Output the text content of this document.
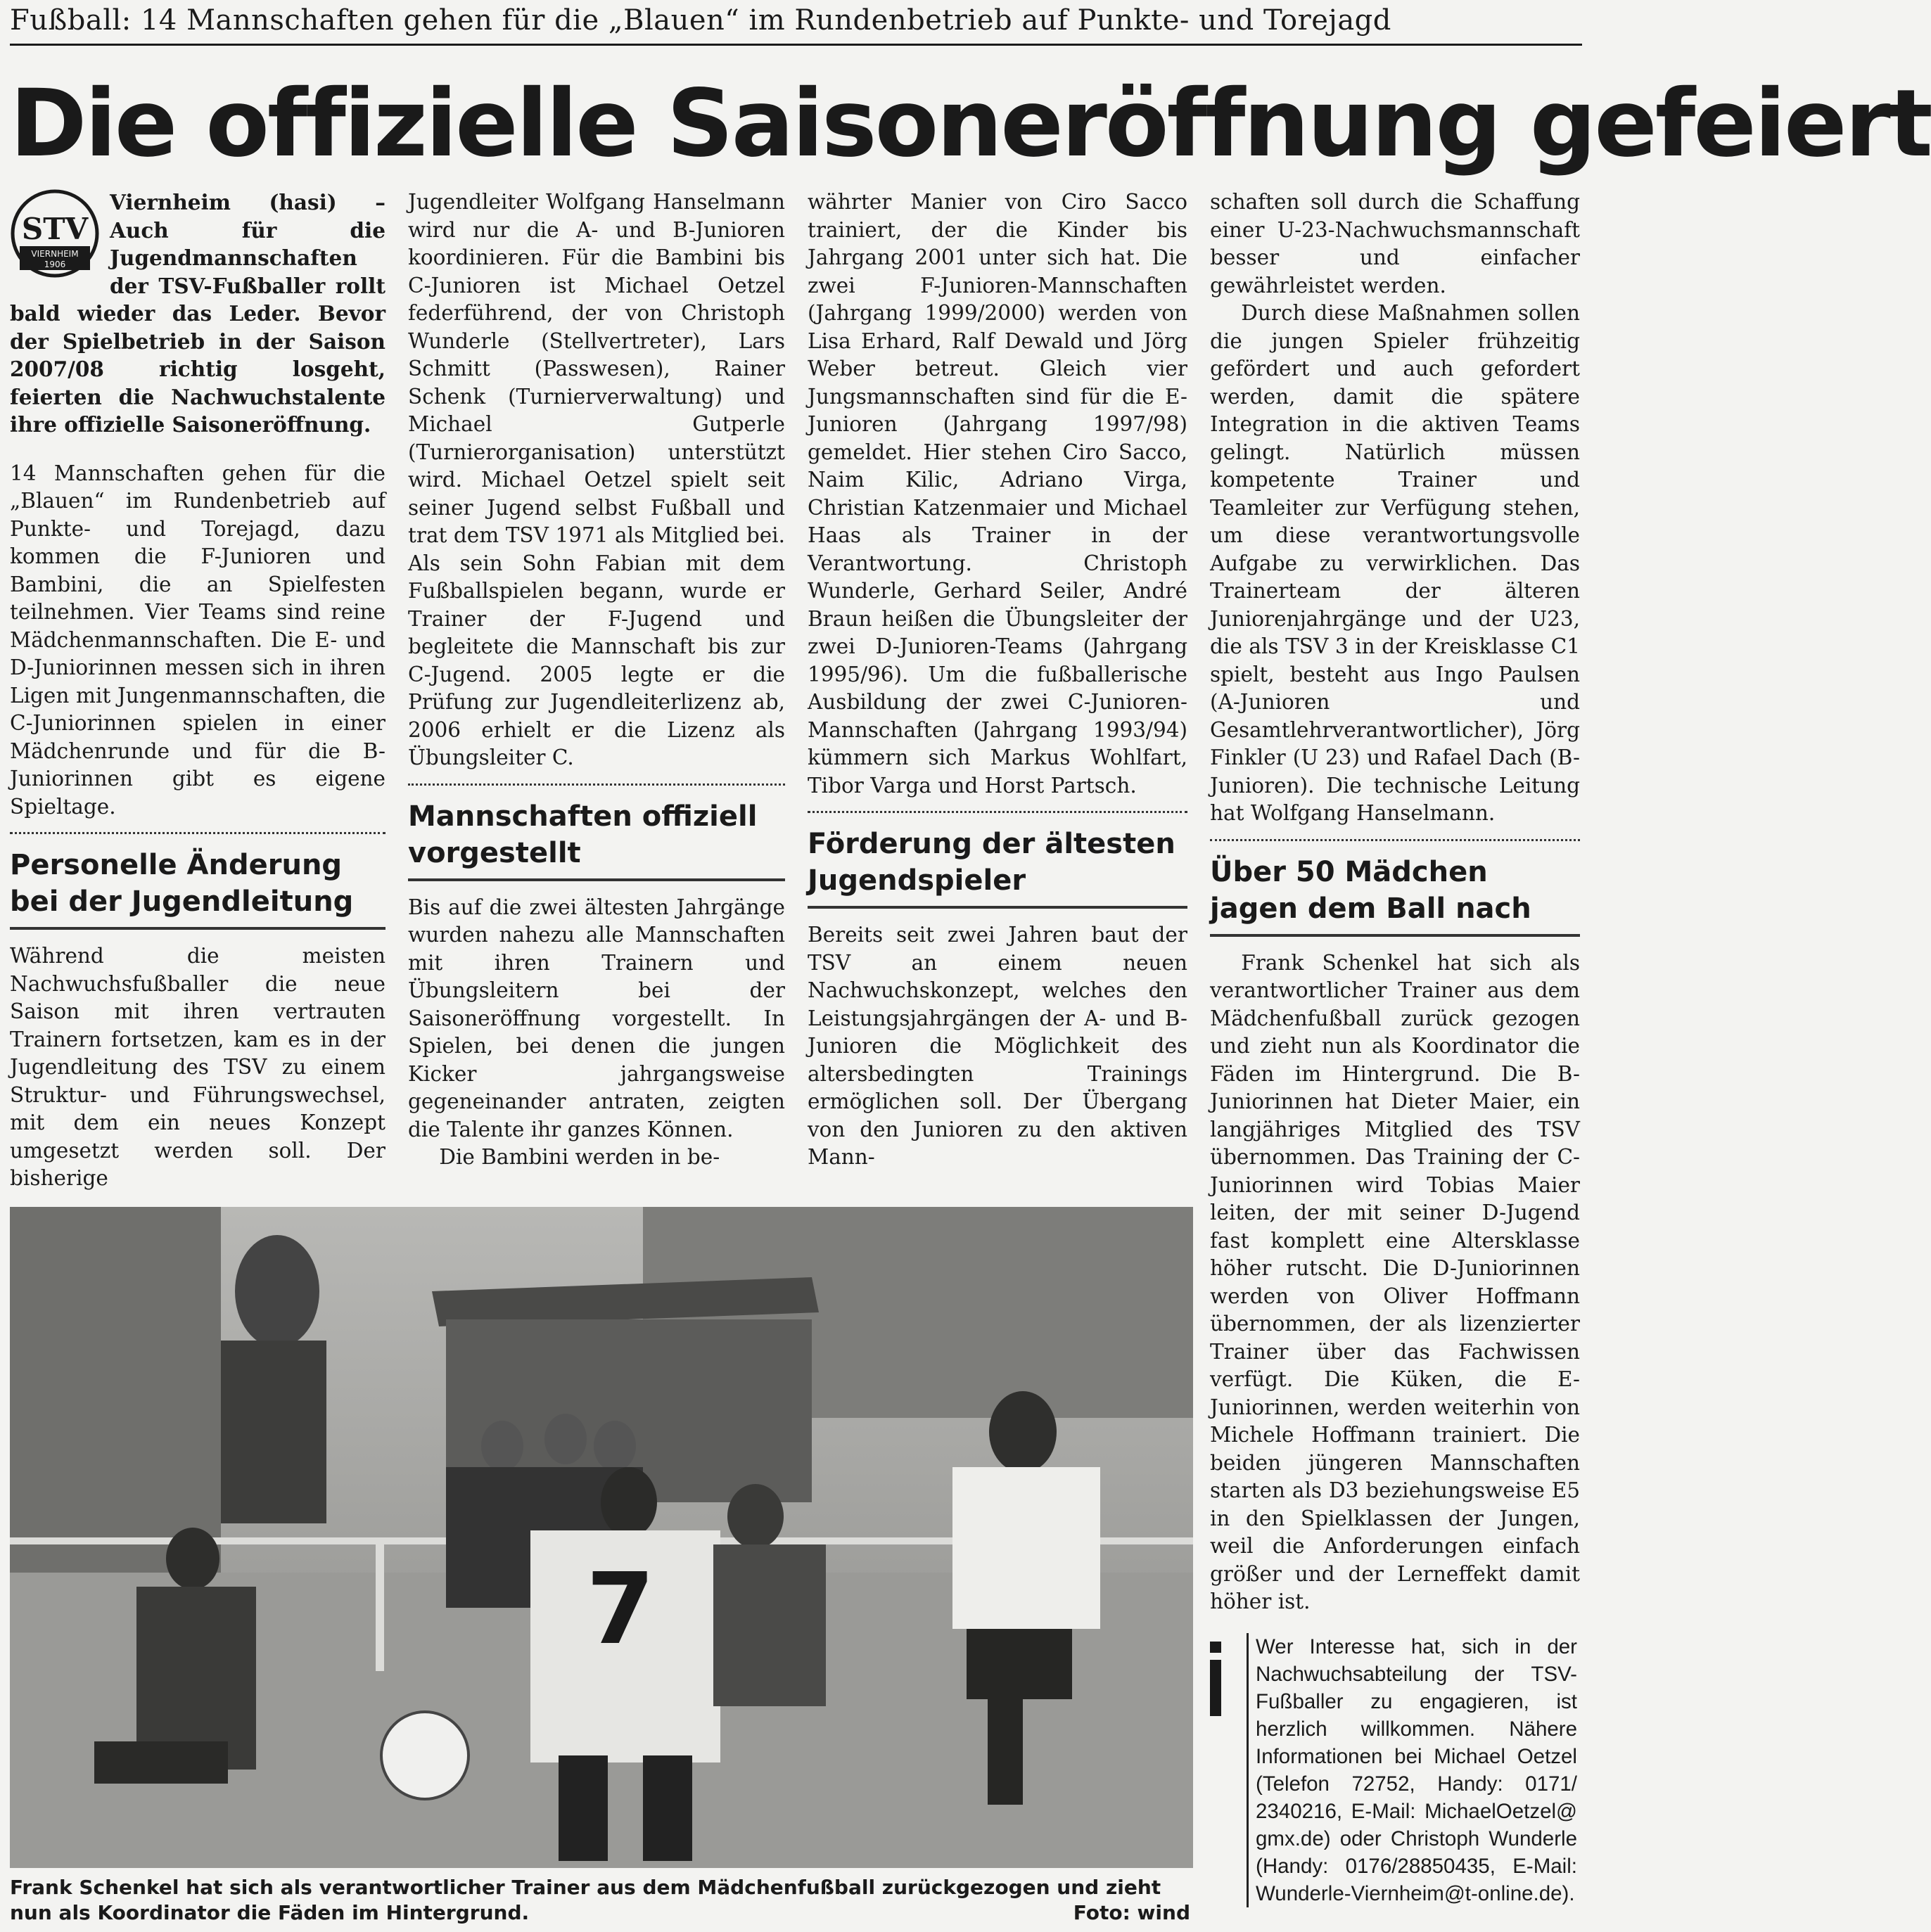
Fußball: 14 Mannschaften gehen für die „Blauen“ im Rundenbetrieb auf Punkte- und Torejagd
Die offizielle Saisoneröffnung gefeiert
STV
VIERNHEIM
1906

Viernheim (hasi) – Auch für die Jugendmannschaften der TSV-Fußballer rollt bald wieder das Leder. Bevor der Spielbetrieb in der Saison 2007/08 richtig losgeht, feierten die Nachwuchstalente ihre offizielle Saisoneröffnung.

14 Mannschaften gehen für die „Blauen“ im Rundenbetrieb auf Punkte- und Torejagd, dazu kommen die F-Junioren und Bambini, die an Spielfesten teilnehmen. Vier Teams sind reine Mädchenmannschaften. Die E- und D-Juniorinnen messen sich in ihren Ligen mit Jungenmannschaften, die C-Juniorinnen spielen in einer Mädchenrunde und für die B-Juniorinnen gibt es eigene Spieltage.

Personelle Änderung bei der Jugendleitung

Während die meisten Nachwuchsfußballer die neue Saison mit ihren vertrauten Trainern fortsetzen, kam es in der Jugendleitung des TSV zu einem Struktur- und Führungswechsel, mit dem ein neues Konzept umgesetzt werden soll. Der bisherige

Jugendleiter Wolfgang Hanselmann wird nur die A- und B-Junioren koordinieren. Für die Bambini bis C-Junioren ist Michael Oetzel federführend, der von Christoph Wunderle (Stellvertreter), Lars Schmitt (Passwesen), Rainer Schenk (Turnierverwaltung) und Michael Gutperle (Turnierorganisation) unterstützt wird. Michael Oetzel spielt seit seiner Jugend selbst Fußball und trat dem TSV 1971 als Mitglied bei. Als sein Sohn Fabian mit dem Fußballspielen begann, wurde er Trainer der F-Jugend und begleitete die Mannschaft bis zur C-Jugend. 2005 legte er die Prüfung zur Jugendleiterlizenz ab, 2006 erhielt er die Lizenz als Übungsleiter C.

Mannschaften offiziell vorgestellt

Bis auf die zwei ältesten Jahrgänge wurden nahezu alle Mannschaften mit ihren Trainern und Übungsleitern bei der Saisoneröffnung vorgestellt. In Spielen, bei denen die jungen Kicker jahrgangsweise gegeneinander antraten, zeigten die Talente ihr ganzes Können.

Die Bambini werden in be-

währter Manier von Ciro Sacco trainiert, der die Kinder bis Jahrgang 2001 unter sich hat. Die zwei F-Junioren-Mannschaften (Jahrgang 1999/2000) werden von Lisa Erhard, Ralf Dewald und Jörg Weber betreut. Gleich vier Jungsmannschaften sind für die E-Junioren (Jahrgang 1997/98) gemeldet. Hier stehen Ciro Sacco, Naim Kilic, Adriano Virga, Christian Katzenmaier und Michael Haas als Trainer in der Verantwortung. Christoph Wunderle, Gerhard Seiler, André Braun heißen die Übungsleiter der zwei D-Junioren-Teams (Jahrgang 1995/96). Um die fußballerische Ausbildung der zwei C-Junioren-Mannschaften (Jahrgang 1993/94) kümmern sich Markus Wohlfart, Tibor Varga und Horst Partsch.

Förderung der ältesten Jugendspieler

Bereits seit zwei Jahren baut der TSV an einem neuen Nachwuchskonzept, welches den Leistungsjahrgängen der A- und B-Junioren die Möglichkeit des altersbedingten Trainings ermöglichen soll. Der Übergang von den Junioren zu den aktiven Mann-

schaften soll durch die Schaffung einer U-23-Nachwuchsmannschaft besser und einfacher gewährleistet werden.

Durch diese Maßnahmen sollen die jungen Spieler frühzeitig gefördert und auch gefordert werden, damit die spätere Integration in die aktiven Teams gelingt. Natürlich müssen kompetente Trainer und Teamleiter zur Verfügung stehen, um diese verantwortungsvolle Aufgabe zu verwirklichen. Das Trainerteam der älteren Juniorenjahrgänge und der U23, die als TSV 3 in der Kreisklasse C1 spielt, besteht aus Ingo Paulsen (A-Junioren und Gesamtlehrverantwortlicher), Jörg Finkler (U 23) und Rafael Dach (B-Junioren). Die technische Leitung hat Wolfgang Hanselmann.

Über 50 Mädchen jagen dem Ball nach

Frank Schenkel hat sich als verantwortlicher Trainer aus dem Mädchenfußball zurück gezogen und zieht nun als Koordinator die Fäden im Hintergrund. Die B-Juniorinnen hat Dieter Maier, ein langjähriges Mitglied des TSV übernommen. Das Training der C-Juniorinnen wird Tobias Maier leiten, der mit seiner D-Jugend fast komplett eine Altersklasse höher rutscht. Die D-Juniorinnen werden von Oliver Hoffmann übernommen, der als lizenzierter Trainer über das Fachwissen verfügt. Die Küken, die E-Juniorinnen, werden weiterhin von Michele Hoffmann trainiert. Die beiden jüngeren Mannschaften starten als D3 beziehungsweise E5 in den Spielklassen der Jungen, weil die Anforderungen einfach größer und der Lerneffekt damit höher ist.

7
Frank Schenkel hat sich als verantwortlicher Trainer aus dem Mädchenfußball zurückgezogen und zieht nun als Koordinator die Fäden im Hintergrund.	Foto: wind
Wer Interesse hat, sich in der Nachwuchsabteilung der TSV-Fußballer zu engagieren, ist herzlich willkommen. Nähere Informationen bei Michael Oetzel (Telefon 72752, Handy: 0171/ 2340216, E-Mail: MichaelOetzel@ gmx.de) oder Christoph Wunderle (Handy: 0176/28850435, E-Mail: Wunderle-Viernheim@t-online.de).
